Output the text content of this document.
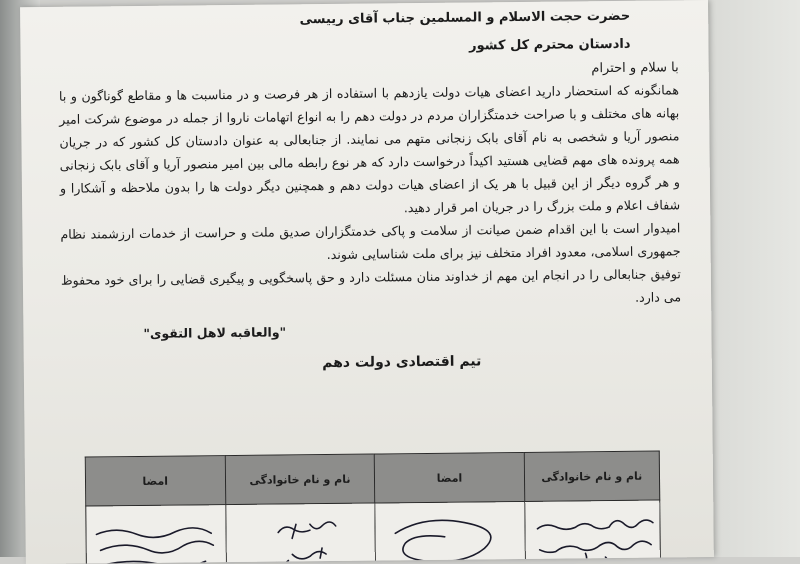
حضرت حجت الاسلام و المسلمین جناب آقای رییسی

دادستان محترم کل کشور

با سلام و احترام

همانگونه که استحضار دارید اعضای هیات دولت یازدهم با استفاده از هر فرصت و در مناسبت ها و مقاطع گوناگون و با بهانه های مختلف و با صراحت خدمتگزاران مردم در دولت دهم را به انواع اتهامات ناروا از جمله در موضوع شرکت امیر منصور آریا و شخصی به نام آقای بابک زنجانی متهم می نمایند. از جنابعالی به عنوان دادستان کل کشور که در جریان همه پرونده های مهم قضایی هستید اکیداً درخواست دارد که هر نوع رابطه مالی بین امیر منصور آریا و آقای بابک زنجانی و هر گروه دیگر از این قبیل با هر یک از اعضای هیات دولت دهم و همچنین دیگر دولت ها را بدون ملاحظه و آشکارا و شفاف اعلام و ملت بزرگ را در جریان امر قرار دهید.

امیدوار است با این اقدام ضمن صیانت از سلامت و پاکی خدمتگزاران صدیق ملت و حراست از خدمات ارزشمند نظام جمهوری اسلامی، معدود افراد متخلف نیز برای ملت شناسایی شوند.

توفیق جنابعالی را در انجام این مهم از خداوند منان مسئلت دارد و حق پاسخگویی و پیگیری قضایی را برای خود محفوظ می دارد.

"والعاقبه لاهل التقوی"

تیم اقتصادی دولت دهم

نام و نام خانوادگی	امضا	نام و نام خانوادگی	امضا
